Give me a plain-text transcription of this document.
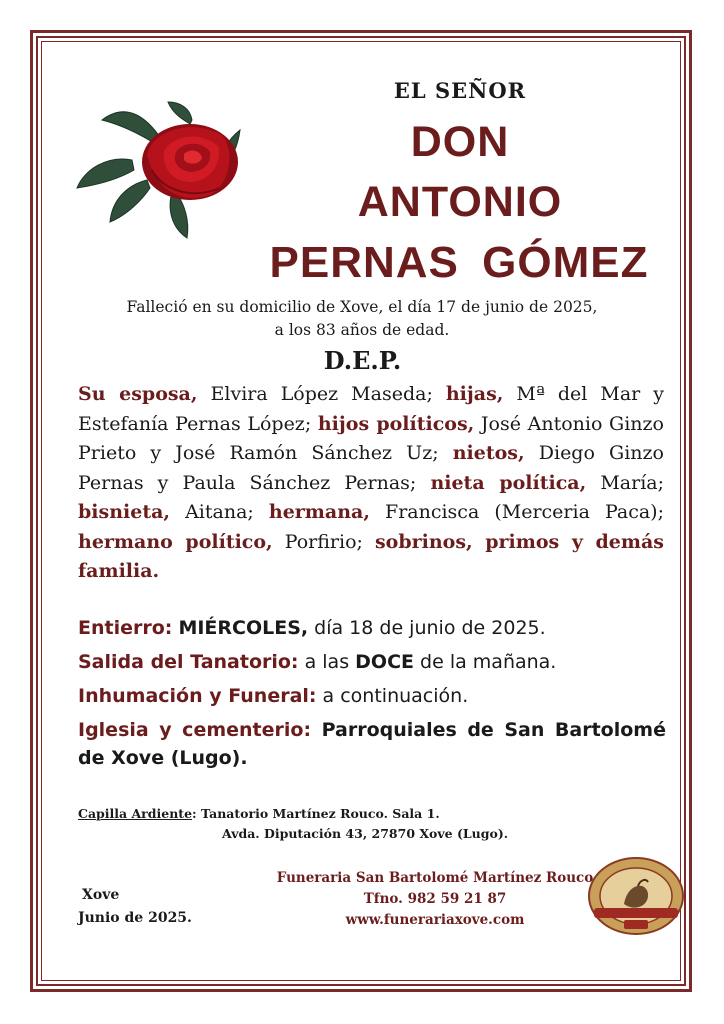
EL SEÑOR
DON
ANTONIO
PERNAS GÓMEZ
Falleció en su domicilio de Xove, el día 17 de junio de 2025,
a los 83 años de edad.
D.E.P.
Su esposa, Elvira López Maseda; hijas, Mª del Mar y Estefanía Pernas López; hijos políticos, José Antonio Ginzo Prieto y José Ramón Sánchez Uz; nietos, Diego Ginzo Pernas y Paula Sánchez Pernas; nieta política, María; bisnieta, Aitana; hermana, Francisca (Merceria Paca); hermano político, Porfirio; sobrinos, primos y demás familia.
Entierro: MIÉRCOLES, día 18 de junio de 2025.
Salida del Tanatorio: a las DOCE de la mañana.
Inhumación y Funeral: a continuación.
Iglesia y cementerio: Parroquiales de San Bartolomé de Xove (Lugo).
Capilla Ardiente: Tanatorio Martínez Rouco. Sala 1.
Avda. Diputación 43, 27870 Xove (Lugo).
Xove
Junio de 2025.
Funeraria San Bartolomé Martínez Rouco
Tfno. 982 59 21 87
www.funerariaxove.com
